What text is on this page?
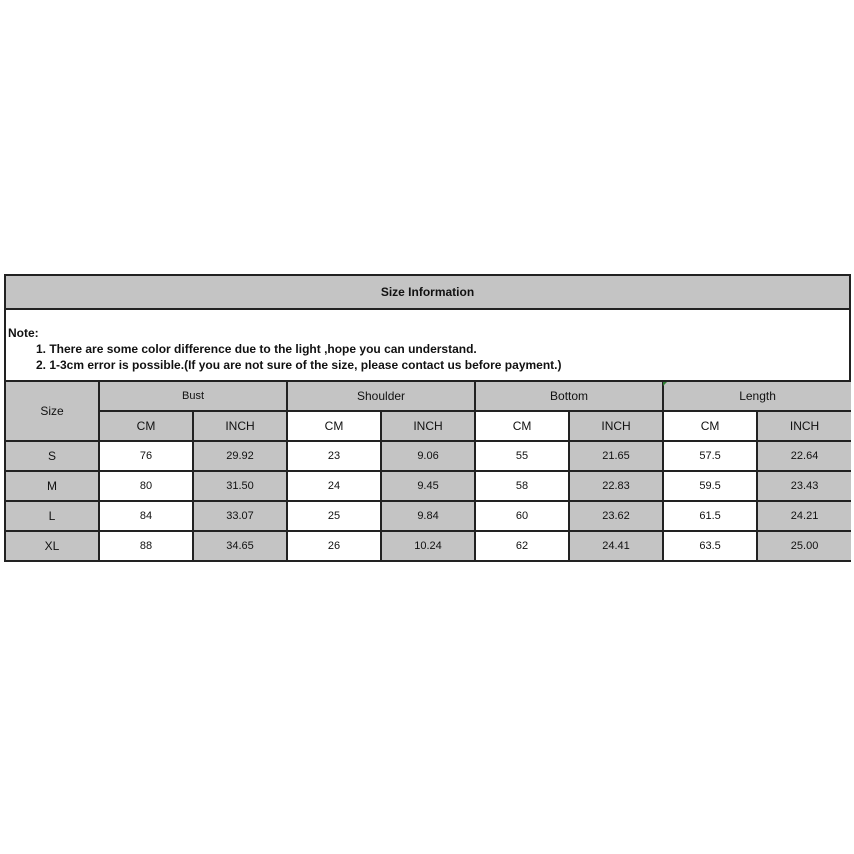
Size Information
Note:
1. There are some color difference due to the light ,hope you can understand.
2. 1-3cm error is possible.(If you are not sure of the size, please contact us before payment.)
Size	Bust		Shoulder		Bottom		Length	
	CM	INCH	CM	INCH	CM	INCH	CM	INCH
S	76	29.92	23	9.06	55	21.65	57.5	22.64
M	80	31.50	24	9.45	58	22.83	59.5	23.43
L	84	33.07	25	9.84	60	23.62	61.5	24.21
XL	88	34.65	26	10.24	62	24.41	63.5	25.00
